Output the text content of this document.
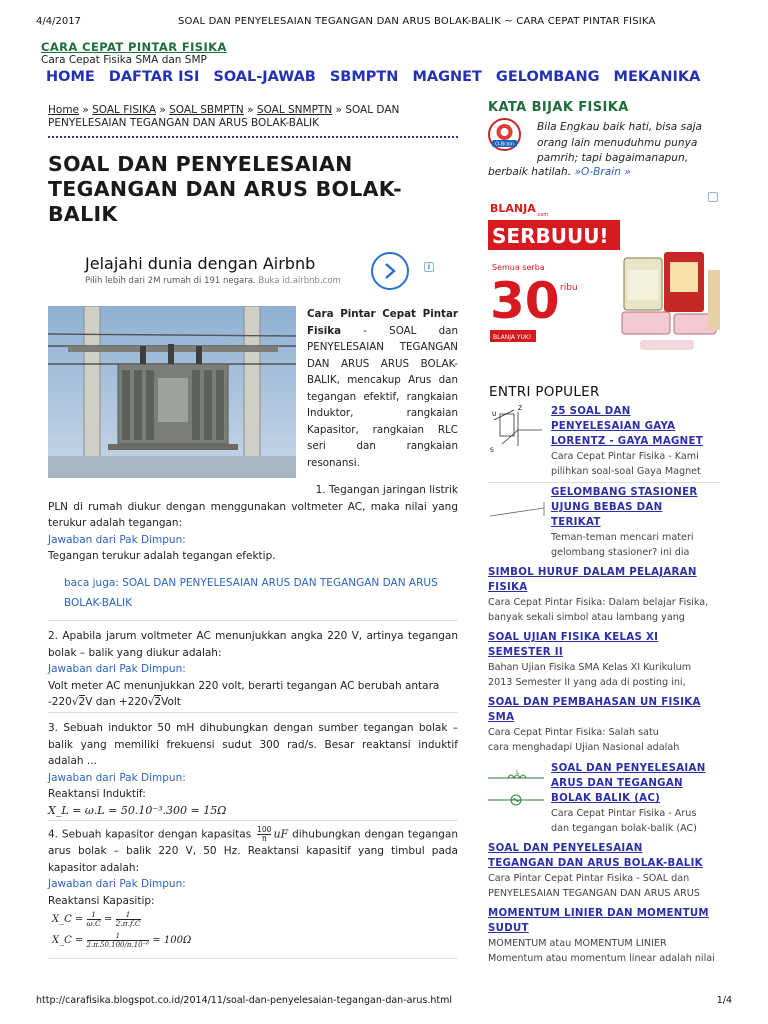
4/4/2017	SOAL DAN PENYELESAIAN TEGANGAN DAN ARUS BOLAK-BALIK ~ CARA CEPAT PINTAR FISIKA
CARA CEPAT PINTAR FISIKA
Cara Cepat Fisika SMA dan SMP
HOME DAFTAR ISI SOAL-JAWAB SBMPTN MAGNET GELOMBANG MEKANIKA
Home » SOAL FISIKA » SOAL SBMPTN » SOAL SNMPTN » SOAL DAN
PENYELESAIAN TEGANGAN DAN ARUS BOLAK-BALIK
SOAL DAN PENYELESAIAN
TEGANGAN DAN ARUS BOLAK-
BALIK
Jelajahi dunia dengan Airbnb
Pilih lebih dari 2M rumah di 191 negara. Buka id.airbnb.com
i
Cara Pintar Cepat Pintar Fisika - SOAL dan PENYELESAIAN TEGANGAN DAN ARUS ARUS BOLAK-BALIK, mencakup Arus dan tegangan efektif, rangkaian Induktor, rangkaian Kapasitor, rangkaian RLC seri dan rangkaian resonansi.
1. Tegangan jaringan listrik
PLN di rumah diukur dengan menggunakan voltmeter AC, maka nilai yang terukur adalah tegangan:
Jawaban dari Pak Dimpun:
Tegangan terukur adalah tegangan efektip.
baca juga: SOAL DAN PENYELESAIAN ARUS DAN TEGANGAN DAN ARUS BOLAK-BALIK
2. Apabila jarum voltmeter AC menunjukkan angka 220 V, artinya tegangan bolak – balik yang diukur adalah:
Jawaban dari Pak Dimpun:
Volt meter AC menunjukkan 220 volt, berarti tegangan AC berubah antara
-220√2V dan +220√2Volt
3. Sebuah induktor 50 mH dihubungkan dengan sumber tegangan bolak – balik yang memiliki frekuensi sudut 300 rad/s. Besar reaktansi induktif adalah ...
Jawaban dari Pak Dimpun:
Reaktansi Induktif:
X_L = ω.L = 50.10⁻³.300 = 15Ω
4. Sebuah kapasitor dengan kapasitas $\frac{100}{\pi}$ uF dihubungkan dengan tegangan arus bolak – balik 220 V, 50 Hz. Reaktansi kapasitif yang timbul pada kapasitor adalah:
Jawaban dari Pak Dimpun:
Reaktansi Kapasitip:
X_C = $\frac{1}{\omega.C} = \frac{1}{2.\pi.f.C}$
X_C = $\frac{1}{\text{2.π.50.100/π.10⁻⁶}} = 100\Omega$
KATA BIJAK FISIKA
O-Brain
Bila Engkau baik hati, bisa saja orang lain menuduhmu punya pamrih; tapi bagaimanapun,
berbaik hatilah. »O-Brain »
BLANJA .com
SERBUUU!
Semua serba
30 ribu
BLANJA YUK!
ENTRI POPULER
U
Z
S
25 SOAL DAN
PENYELESAIAN GAYA
LORENTZ - GAYA MAGNET
Cara Cepat Pintar Fisika - Kami
pilihkan soal-soal Gaya Magnet
GELOMBANG STASIONER
UJUNG BEBAS DAN
TERIKAT
Teman-teman mencari materi
gelombang stasioner? ini dia
SIMBOL HURUF DALAM PELAJARAN
FISIKA
Cara Cepat Pintar Fisika: Dalam belajar Fisika,
banyak sekali simbol atau lambang yang
SOAL UJIAN FISIKA KELAS XI
SEMESTER II
Bahan Ujian Fisika SMA Kelas XI Kurikulum
2013 Semester II yang ada di posting ini,
SOAL DAN PEMBAHASAN UN FISIKA
SMA
Cara Cepat Pintar Fisika: Salah satu
cara menghadapi Ujian Nasional adalah
L	SOAL DAN PENYELESAIAN
ARUS DAN TEGANGAN
BOLAK BALIK (AC)
Cara Cepat Pintar Fisika - Arus
dan tegangan bolak-balik (AC)
SOAL DAN PENYELESAIAN
TEGANGAN DAN ARUS BOLAK-BALIK
Cara Pintar Cepat Pintar Fisika - SOAL dan
PENYELESAIAN TEGANGAN DAN ARUS ARUS
MOMENTUM LINIER DAN MOMENTUM
SUDUT
MOMENTUM atau MOMENTUM LINIER
Momentum atau momentum linear adalah nilai
http://carafisika.blogspot.co.id/2014/11/soal-dan-penyelesaian-tegangan-dan-arus.html	1/4
